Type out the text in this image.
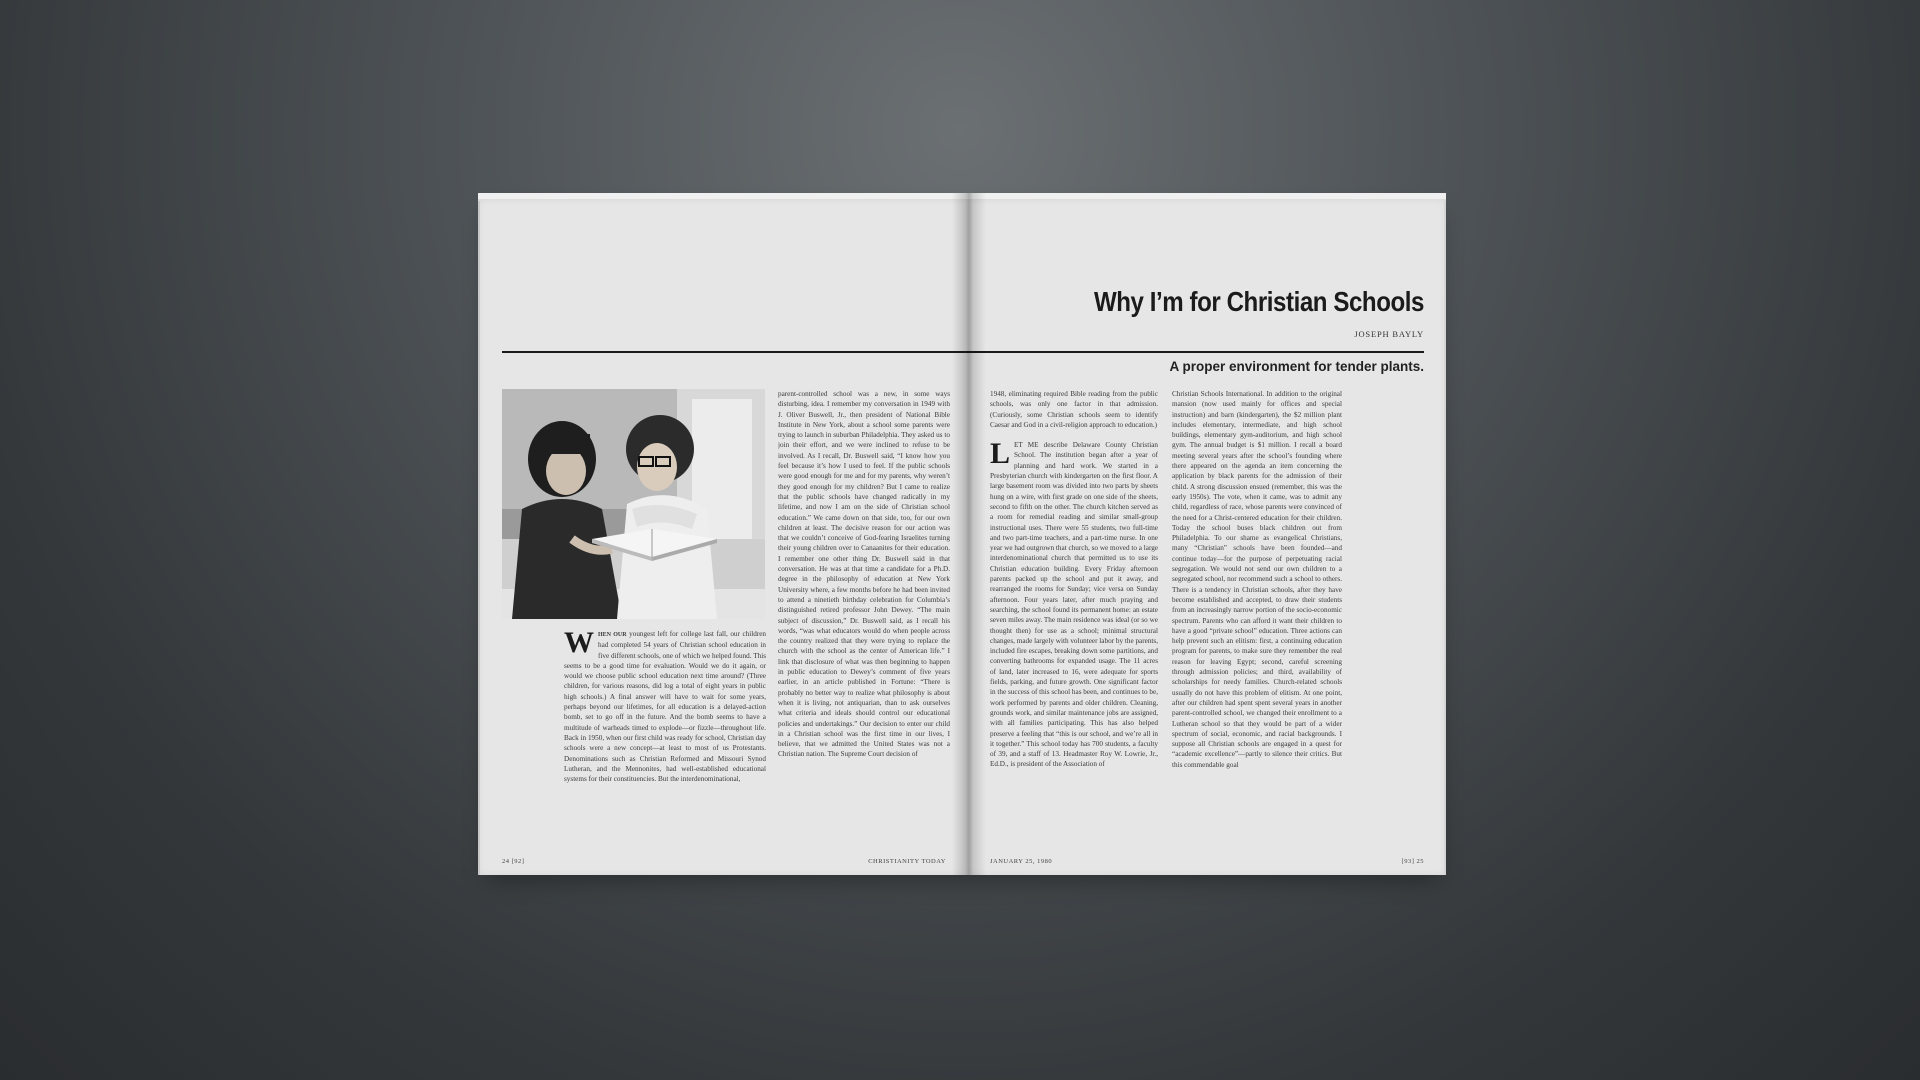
WHEN OUR youngest left for college last fall, our children had completed 54 years of Christian school education in five different schools, one of which we helped found. This seems to be a good time for evaluation. Would we do it again, or would we choose public school education next time around? (Three children, for various reasons, did log a total of eight years in public high schools.) A final answer will have to wait for some years, perhaps beyond our lifetimes, for all education is a delayed-action bomb, set to go off in the future. And the bomb seems to have a multitude of warheads timed to explode—or fizzle—throughout life. Back in 1950, when our first child was ready for school, Christian day schools were a new concept—at least to most of us Protestants. Denominations such as Christian Reformed and Missouri Synod Lutheran, and the Mennonites, had well-established educational systems for their constituencies. But the interdenominational,

parent-controlled school was a new, in some ways disturbing, idea. I remember my conversation in 1949 with J. Oliver Buswell, Jr., then president of National Bible Institute in New York, about a school some parents were trying to launch in suburban Philadelphia. They asked us to join their effort, and we were inclined to refuse to be involved. As I recall, Dr. Buswell said, “I know how you feel because it’s how I used to feel. If the public schools were good enough for me and for my parents, why weren’t they good enough for my children? But I came to realize that the public schools have changed radically in my lifetime, and now I am on the side of Christian school education.” We came down on that side, too, for our own children at least. The decisive reason for our action was that we couldn’t conceive of God-fearing Israelites turning their young children over to Canaanites for their education. I remember one other thing Dr. Buswell said in that conversation. He was at that time a candidate for a Ph.D. degree in the philosophy of education at New York University where, a few months before he had been invited to attend a ninetieth birthday celebration for Columbia’s distinguished retired professor John Dewey. “The main subject of discussion,” Dr. Buswell said, as I recall his words, “was what educators would do when people across the country realized that they were trying to replace the church with the school as the center of American life.” I link that disclosure of what was then beginning to happen in public education to Dewey’s comment of five years earlier, in an article published in Fortune: “There is probably no better way to realize what philosophy is about when it is living, not antiquarian, than to ask ourselves what criteria and ideals should control our educational policies and undertakings.” Our decision to enter our child in a Christian school was the first time in our lives, I believe, that we admitted the United States was not a Christian nation. The Supreme Court decision of

24 [92]	CHRISTIANITY TODAY
Why I’m for Christian Schools
JOSEPH BAYLY
A proper environment for tender plants.

1948, eliminating required Bible reading from the public schools, was only one factor in that admission. (Curiously, some Christian schools seem to identify Caesar and God in a civil-religion approach to education.)

LET ME describe Delaware County Christian School. The institution began after a year of planning and hard work. We started in a Presbyterian church with kindergarten on the first floor. A large basement room was divided into two parts by sheets hung on a wire, with first grade on one side of the sheets, second to fifth on the other. The church kitchen served as a room for remedial reading and similar small-group instructional uses. There were 55 students, two full-time and two part-time teachers, and a part-time nurse. In one year we had outgrown that church, so we moved to a large interdenominational church that permitted us to use its Christian education building. Every Friday afternoon parents packed up the school and put it away, and rearranged the rooms for Sunday; vice versa on Sunday afternoon. Four years later, after much praying and searching, the school found its permanent home: an estate seven miles away. The main residence was ideal (or so we thought then) for use as a school; minimal structural changes, made largely with volunteer labor by the parents, included fire escapes, breaking down some partitions, and converting bathrooms for expanded usage. The 11 acres of land, later increased to 16, were adequate for sports fields, parking, and future growth. One significant factor in the success of this school has been, and continues to be, work performed by parents and older children. Cleaning, grounds work, and similar maintenance jobs are assigned, with all families participating. This has also helped preserve a feeling that “this is our school, and we’re all in it together.” This school today has 700 students, a faculty of 39, and a staff of 13. Headmaster Roy W. Lowrie, Jr., Ed.D., is president of the Association of

Christian Schools International. In addition to the original mansion (now used mainly for offices and special instruction) and barn (kindergarten), the $2 million plant includes elementary, intermediate, and high school buildings, elementary gym-auditorium, and high school gym. The annual budget is $1 million. I recall a board meeting several years after the school’s founding where there appeared on the agenda an item concerning the application by black parents for the admission of their child. A strong discussion ensued (remember, this was the early 1950s). The vote, when it came, was to admit any child, regardless of race, whose parents were convinced of the need for a Christ-centered education for their children. Today the school buses black children out from Philadelphia. To our shame as evangelical Christians, many “Christian” schools have been founded—and continue today—for the purpose of perpetuating racial segregation. We would not send our own children to a segregated school, nor recommend such a school to others. There is a tendency in Christian schools, after they have become established and accepted, to draw their students from an increasingly narrow portion of the socio-economic spectrum. Parents who can afford it want their children to have a good “private school” education. Three actions can help prevent such an elitism: first, a continuing education program for parents, to make sure they remember the real reason for leaving Egypt; second, careful screening through admission policies; and third, availability of scholarships for needy families. Church-related schools usually do not have this problem of elitism. At one point, after our children had spent spent several years in another parent-controlled school, we changed their enrollment to a Lutheran school so that they would be part of a wider spectrum of social, economic, and racial backgrounds. I suppose all Christian schools are engaged in a quest for “academic excellence”—partly to silence their critics. But this commendable goal

JANUARY 25, 1980	[93] 25
